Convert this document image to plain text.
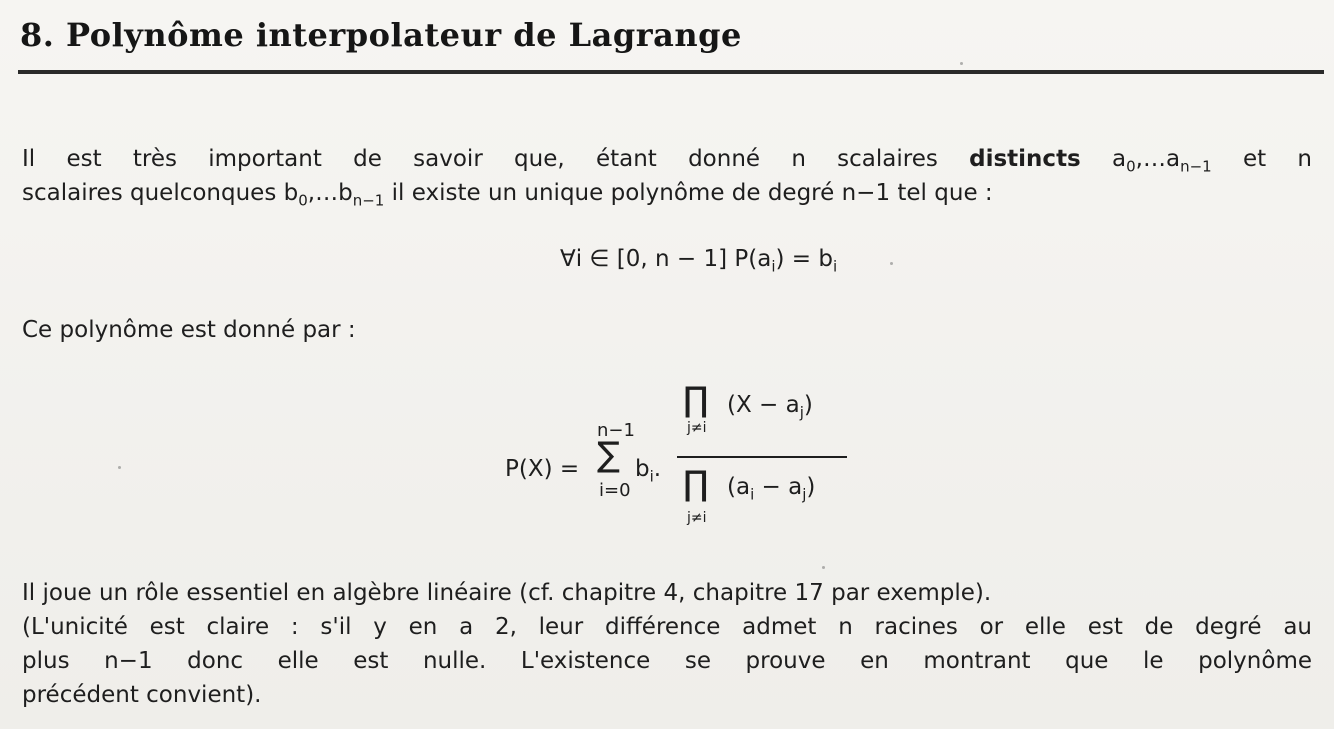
8. Polynôme interpolateur de Lagrange
Il est très important de savoir que, étant donné n scalaires distincts $a_0,\dots a_{n-1}$ et n
scalaires quelconques $b_0,\dots b_{n-1}$ il existe un unique polynôme de degré n−1 tel que :
∀i ∈ [0, n − 1] $P(a_i) = b_i$
Ce polynôme est donné par :
P(X) =
n−1
∑
i=0
$b_i$.
∏
j≠i
$(X - a_j)$
∏ $(a_i - a_j)$
j≠i
Il joue un rôle essentiel en algèbre linéaire (cf. chapitre 4, chapitre 17 par exemple).
(L'unicité est claire : s'il y en a 2, leur différence admet n racines or elle est de degré au
plus n−1 donc elle est nulle. L'existence se prouve en montrant que le polynôme
précédent convient).
